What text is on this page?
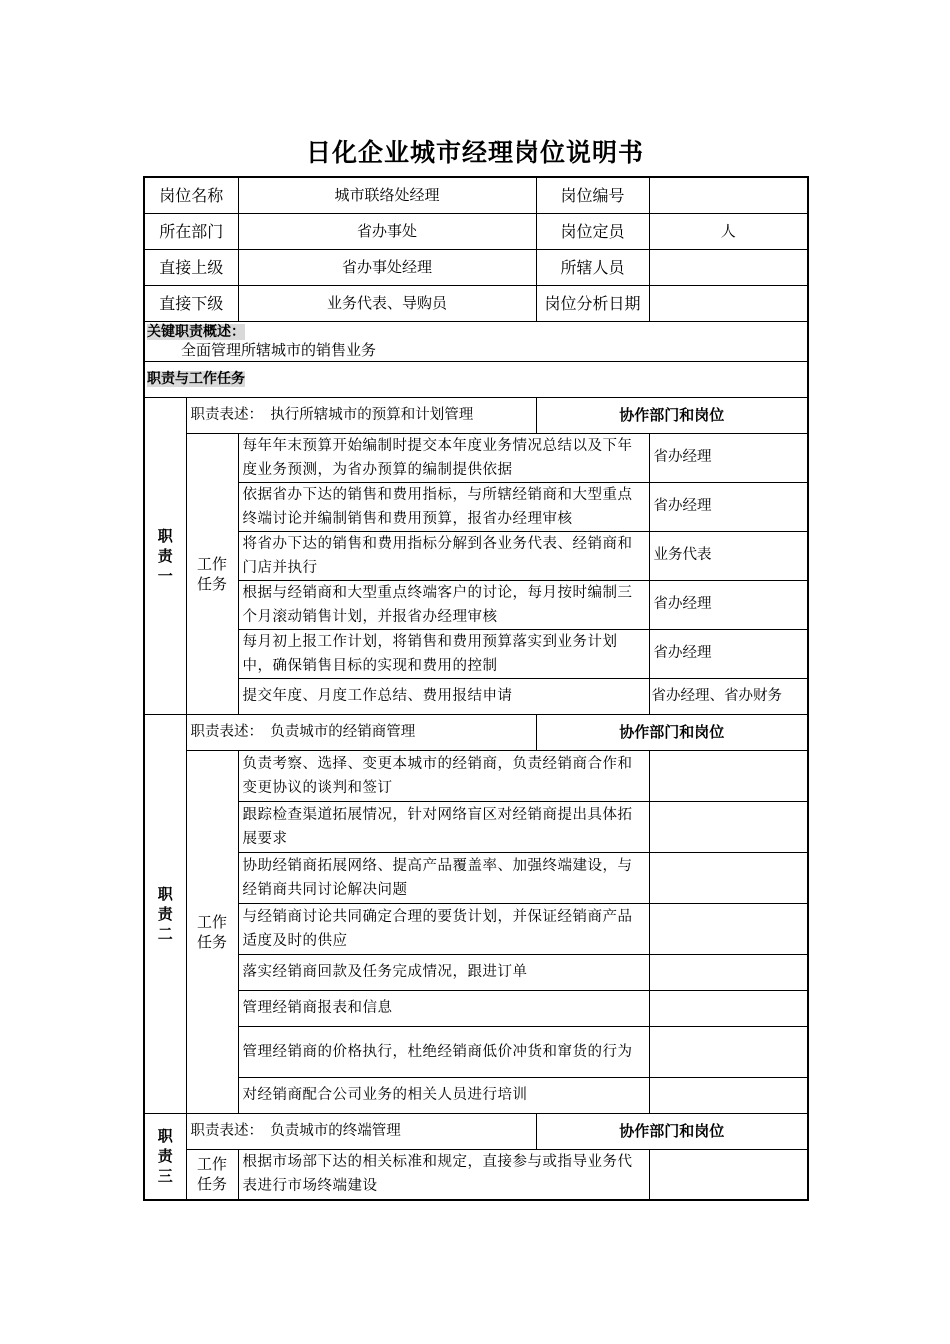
日化企业城市经理岗位说明书
岗位名称		城市联络处经理	岗位编号	
所在部门		省办事处	岗位定员	人
直接上级		省办事处经理	所辖人员	
直接下级		业务代表、导购员	岗位分析日期	

关键职责概述：
全面管理所辖城市的销售业务				

职责与工作任务				

职
责
一	职责表述：　执行所辖城市的预算和计划管理		协作部门和岗位	

	工作
任务	每年年末预算开始编制时提交本年度业务情况总结以及下年度业务预测，为省办预算的编制提供依据		省办经理
		依据省办下达的销售和费用指标，与所辖经销商和大型重点终端讨论并编制销售和费用预算，报省办经理审核		省办经理
		将省办下达的销售和费用指标分解到各业务代表、经销商和门店并执行		业务代表
		根据与经销商和大型重点终端客户的讨论，每月按时编制三个月滚动销售计划，并报省办经理审核		省办经理
		每月初上报工作计划，将销售和费用预算落实到业务计划中，确保销售目标的实现和费用的控制		省办经理
		提交年度、月度工作总结、费用报结申请		省办经理、省办财务

职
责
二	职责表述：　负责城市的经销商管理		协作部门和岗位	

	工作
任务	负责考察、选择、变更本城市的经销商，负责经销商合作和变更协议的谈判和签订		
		跟踪检查渠道拓展情况，针对网络盲区对经销商提出具体拓展要求		
		协助经销商拓展网络、提高产品覆盖率、加强终端建设，与经销商共同讨论解决问题		
		与经销商讨论共同确定合理的要货计划，并保证经销商产品适度及时的供应		
		落实经销商回款及任务完成情况，跟进订单		
		管理经销商报表和信息		
		管理经销商的价格执行，杜绝经销商低价冲货和窜货的行为		
		对经销商配合公司业务的相关人员进行培训		

职
责
三	职责表述：　负责城市的终端管理		协作部门和岗位	

	工作
任务	根据市场部下达的相关标准和规定，直接参与或指导业务代表进行市场终端建设		
